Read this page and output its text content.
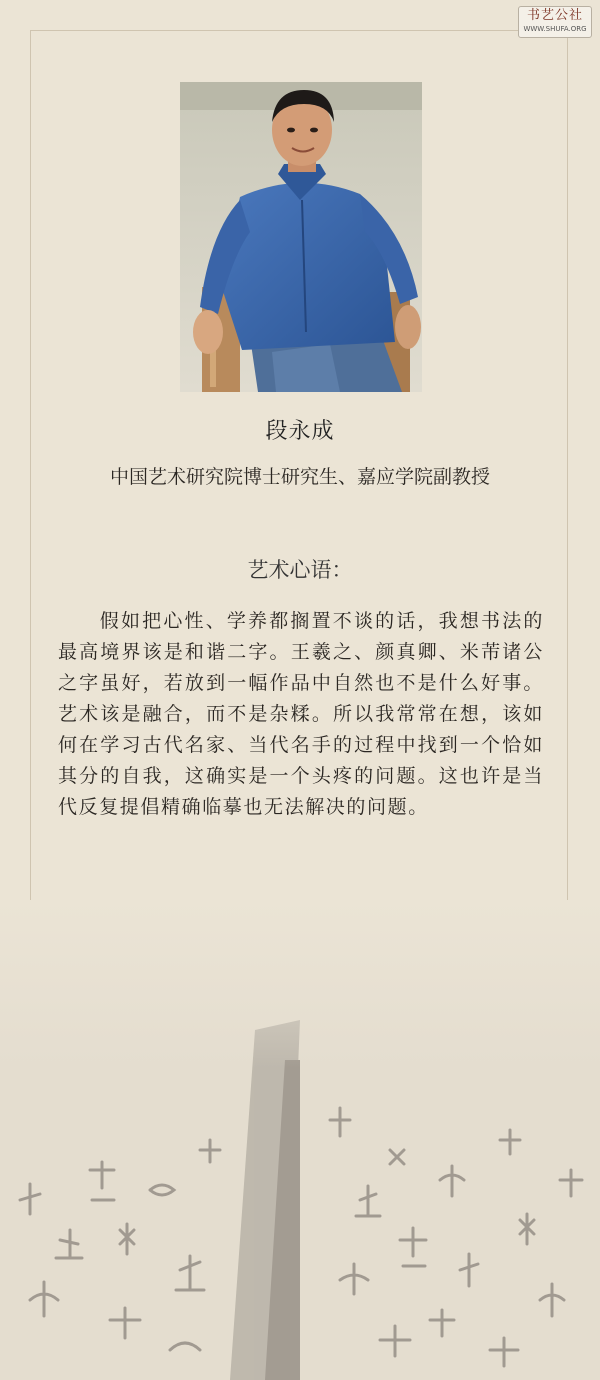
书艺公社
WWW.SHUFA.ORG
段永成
中国艺术研究院博士研究生、嘉应学院副教授
艺术心语：
假如把心性、学养都搁置不谈的话，我想书法的最高境界该是和谐二字。王羲之、颜真卿、米芾诸公之字虽好，若放到一幅作品中自然也不是什么好事。艺术该是融合，而不是杂糅。所以我常常在想，该如何在学习古代名家、当代名手的过程中找到一个恰如其分的自我，这确实是一个头疼的问题。这也许是当代反复提倡精确临摹也无法解决的问题。
